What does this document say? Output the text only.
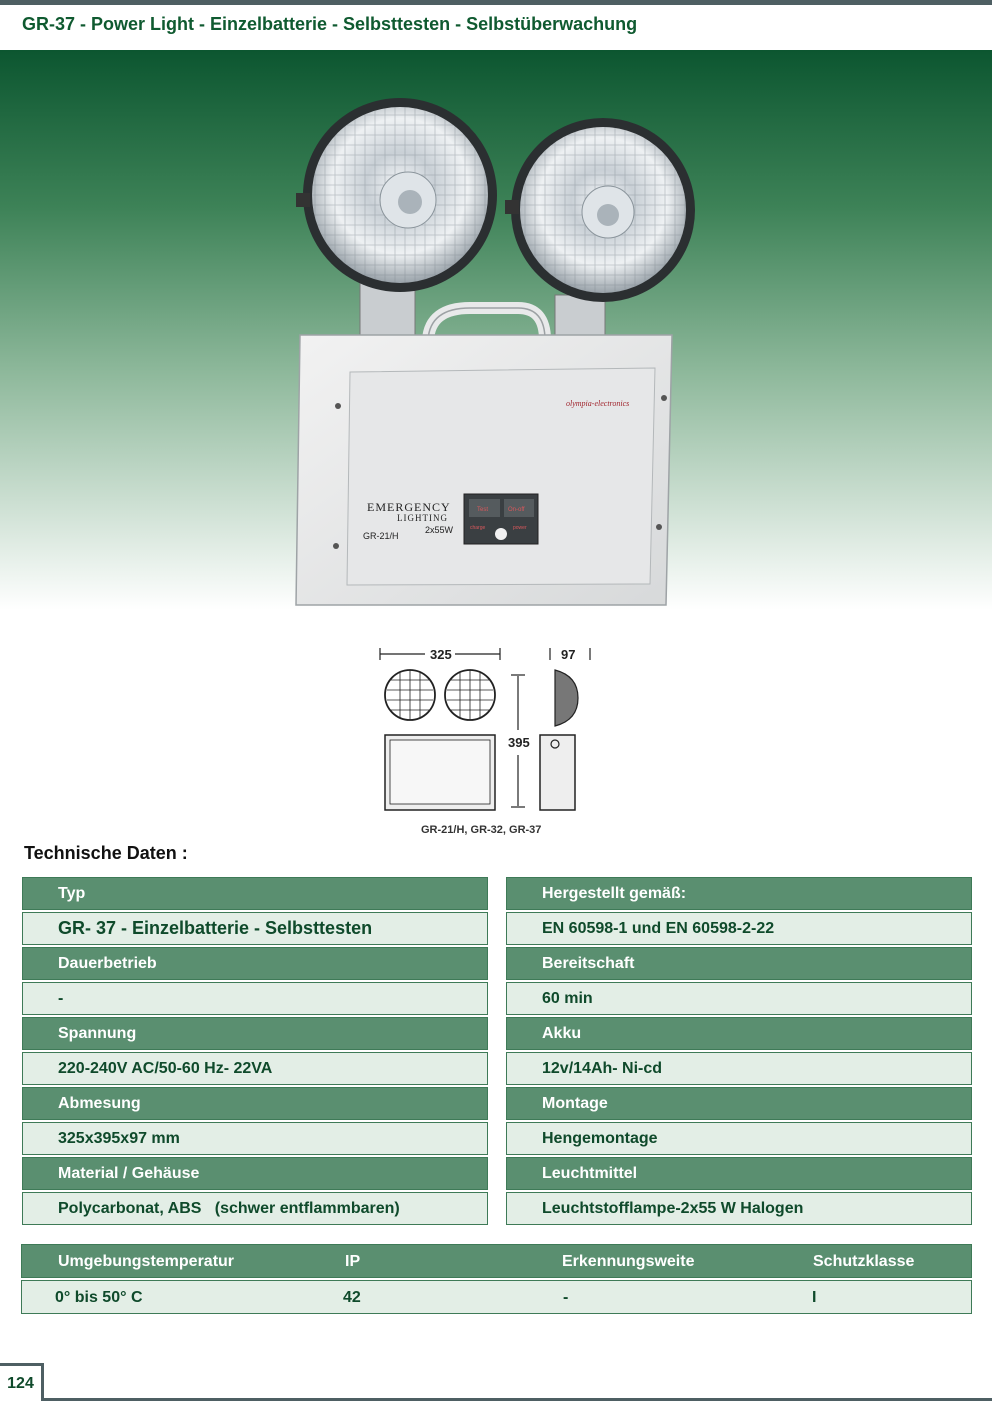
GR-37 - Power Light - Einzelbatterie - Selbsttesten - Selbstüberwachung
olympia-electronics
EMERGENCY
LIGHTING
2x55W
GR-21/H
Test	On-off
charge	power
325	97
395
GR-21/H, GR-32, GR-37
Technische Daten :
Typ
GR- 37 - Einzelbatterie - Selbsttesten
Dauerbetrieb
-
Spannung
220-240V AC/50-60 Hz- 22VA
Abmesung
325x395x97 mm
Material / Gehäuse
Polycarbonat, ABS   (schwer entflammbaren)
Hergestellt gemäß:
EN 60598-1 und EN 60598-2-22
Bereitschaft
60 min
Akku
12v/14Ah- Ni-cd
Montage
Hengemontage
Leuchtmittel
Leuchtstofflampe-2x55 W Halogen
Umgebungstemperatur	IP	Erkennungsweite	Schutzklasse
0° bis 50° C	42	-	I
124
